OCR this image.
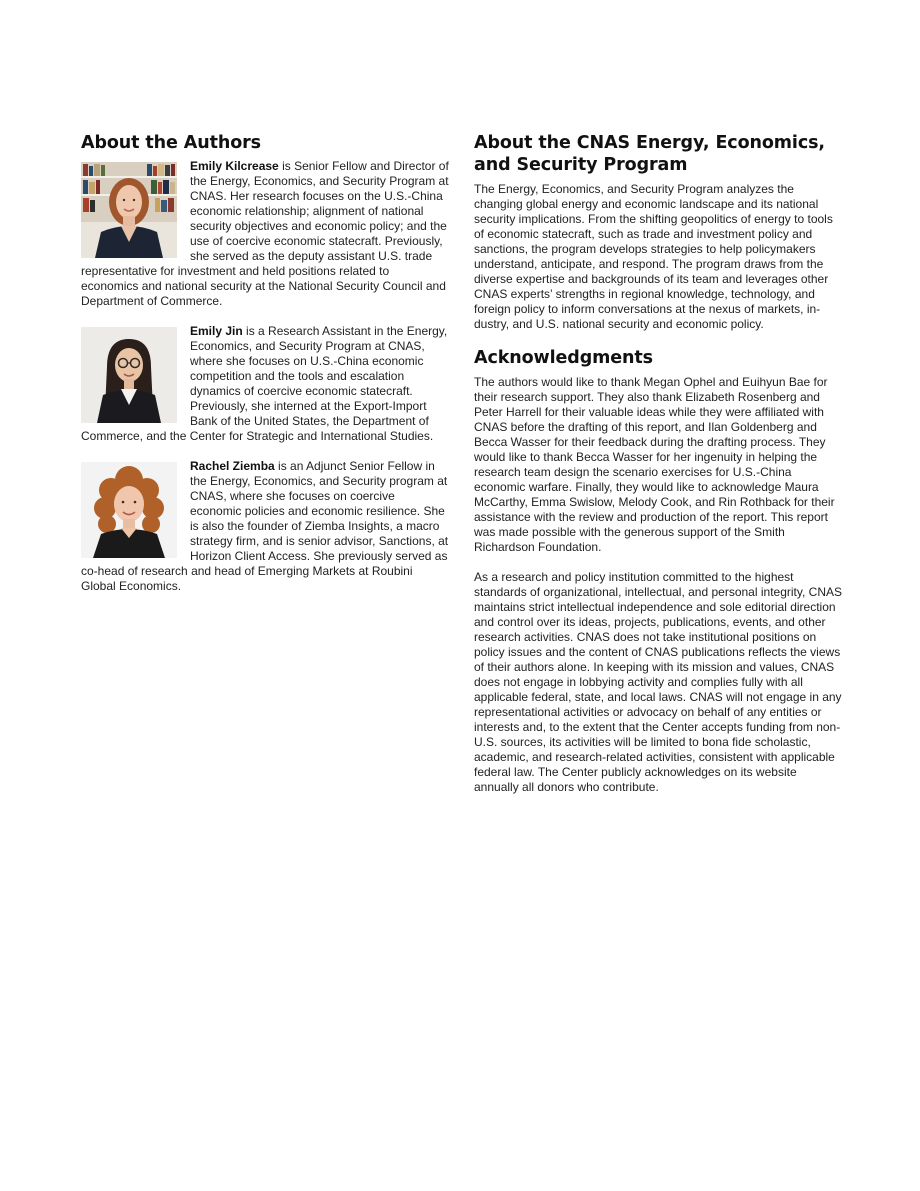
About the Authors
Emily Kilcrease is Senior Fellow and Director of the Energy, Economics, and Security Program at CNAS. Her research focuses on the U.S.-China economic relationship; alignment of national security objectives and economic policy; and the use of coercive economic statecraft. Previously, she served as the deputy assistant U.S. trade representative for investment and held positions related to economics and national security at the National Security Council and Department of Commerce.
Emily Jin is a Research Assistant in the Energy, Economics, and Security Program at CNAS, where she focuses on U.S.-China economic competition and the tools and escalation dynamics of coercive economic statecraft. Previously, she interned at the Export-Import Bank of the United States, the Department of Commerce, and the Center for Strategic and International Studies.
Rachel Ziemba is an Adjunct Senior Fellow in the Energy, Economics, and Security program at CNAS, where she focuses on coercive economic policies and economic resilience. She is also the founder of Ziemba Insights, a macro strategy firm, and is senior advisor, Sanctions, at Horizon Client Access. She previously served as co-head of research and head of Emerging Markets at Roubini Global Economics.
About the CNAS Energy, Economics, and Security Program

The Energy, Economics, and Security Program analyzes the changing global energy and economic landscape and its national security implications. From the shifting geopolitics of energy to tools of economic statecraft, such as trade and investment policy and sanctions, the program develops strategies to help policymakers understand, anticipate, and respond. The program draws from the diverse expertise and backgrounds of its team and leverages other CNAS experts’ strengths in regional knowledge, technology, and foreign policy to inform conversations at the nexus of markets, in-dustry, and U.S. national security and economic policy.

Acknowledgments

The authors would like to thank Megan Ophel and Euihyun Bae for their research support. They also thank Elizabeth Rosenberg and Peter Harrell for their valuable ideas while they were affiliated with CNAS before the drafting of this report, and Ilan Goldenberg and Becca Wasser for their feedback during the drafting process. They would like to thank Becca Wasser for her ingenuity in helping the research team design the scenario exercises for U.S.-China economic warfare. Finally, they would like to acknowledge Maura McCarthy, Emma Swislow, Melody Cook, and Rin Rothback for their assistance with the review and production of the report. This report was made possible with the generous support of the Smith Richardson Foundation.

As a research and policy institution committed to the highest standards of organizational, intellectual, and personal integrity, CNAS maintains strict intellectual independence and sole editorial direction and control over its ideas, projects, publications, events, and other research activities. CNAS does not take institutional positions on policy issues and the content of CNAS publications reflects the views of their authors alone. In keeping with its mission and values, CNAS does not engage in lobbying activity and complies fully with all applicable federal, state, and local laws. CNAS will not engage in any representational activities or advocacy on behalf of any entities or interests and, to the extent that the Center accepts funding from non-U.S. sources, its activities will be limited to bona fide scholastic, academic, and research-related activities, consistent with applicable federal law. The Center publicly acknowledges on its website annually all donors who contribute.
